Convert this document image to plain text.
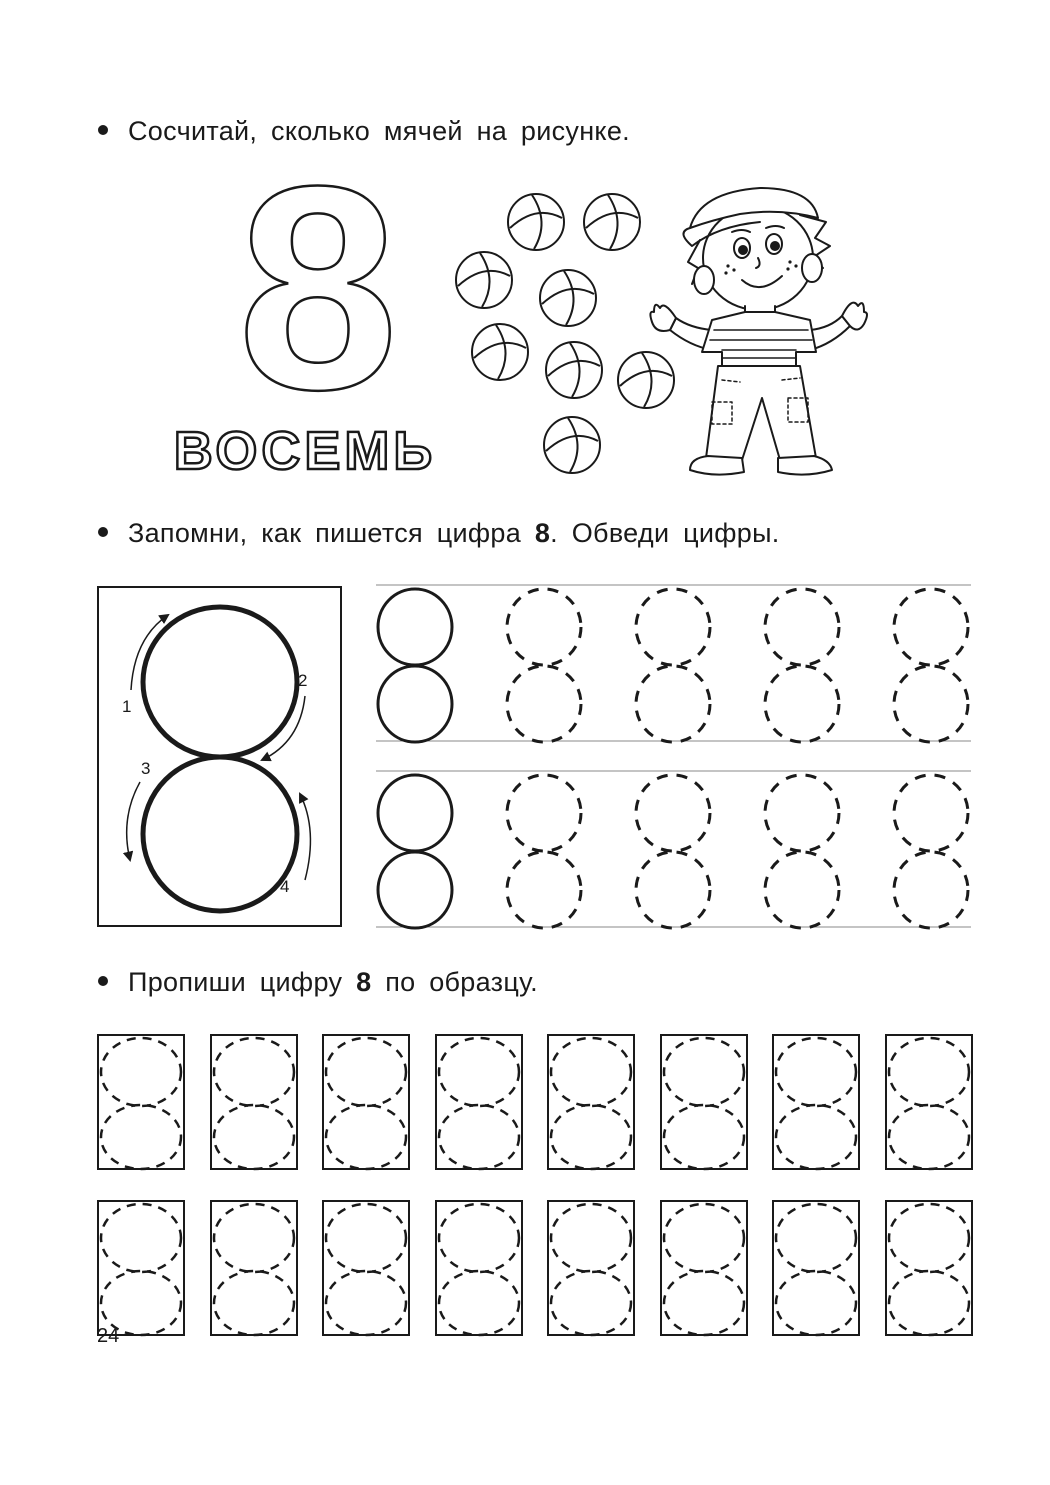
Сосчитай, сколько мячей на рисунке.
Запомни, как пишется цифра 8. Обведи цифры.
Пропиши цифру 8 по образцу.
8
ВОСЕМЬ
1
2
3
4
24
